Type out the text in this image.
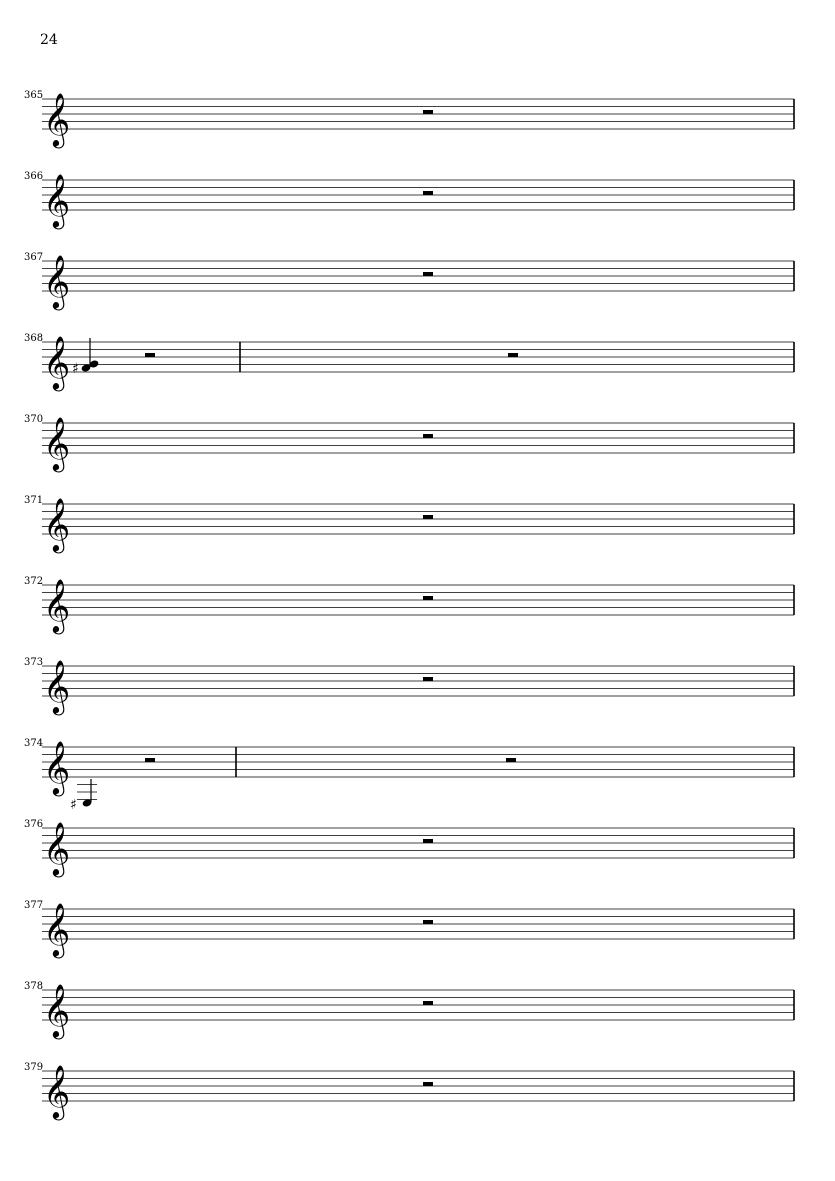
24
365 𝄞
366 𝄞
367 𝄞
368 𝄞 ♯
370 𝄞
371 𝄞
372 𝄞
373 𝄞
374 𝄞
♯
376 𝄞
377 𝄞
378 𝄞
379 𝄞
